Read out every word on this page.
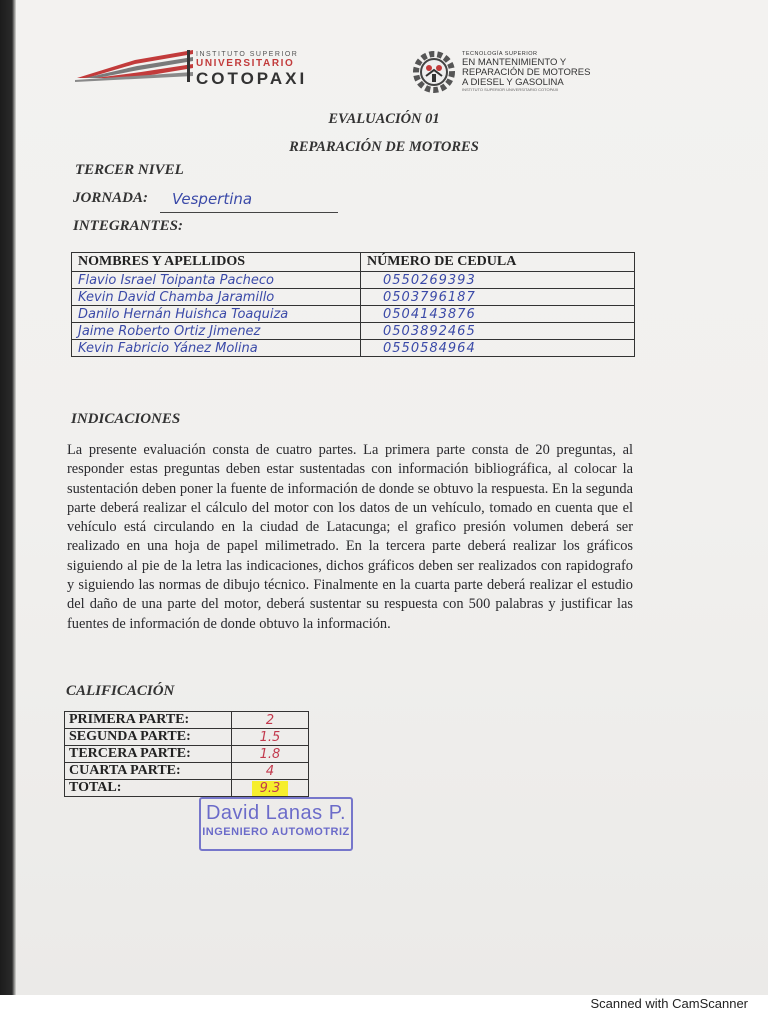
INSTITUTO SUPERIOR
UNIVERSITARIO
COTOPAXI
TECNOLOGÍA SUPERIOR
EN MANTENIMIENTO Y
REPARACIÓN DE MOTORES
A DIESEL Y GASOLINA
INSTITUTO SUPERIOR UNIVERSITARIO COTOPAXI
EVALUACIÓN 01
REPARACIÓN DE MOTORES
TERCER NIVEL
JORNADA: Vespertina
INTEGRANTES:
NOMBRES Y APELLIDOS	NÚMERO DE CEDULA
Flavio Israel Toipanta Pacheco	0550269393
Kevin David Chamba Jaramillo	0503796187
Danilo Hernán Huishca Toaquiza	0504143876
Jaime Roberto Ortiz Jimenez	0503892465
Kevin Fabricio Yánez Molina	0550584964
INDICACIONES
La presente evaluación consta de cuatro partes. La primera parte consta de 20 preguntas, al responder estas preguntas deben estar sustentadas con información bibliográfica, al colocar la sustentación deben poner la fuente de información de donde se obtuvo la respuesta. En la segunda parte deberá realizar el cálculo del motor con los datos de un vehículo, tomado en cuenta que el vehículo está circulando en la ciudad de Latacunga; el grafico presión volumen deberá ser realizado en una hoja de papel milimetrado. En la tercera parte deberá realizar los gráficos siguiendo al pie de la letra las indicaciones, dichos gráficos deben ser realizados con rapidografo y siguiendo las normas de dibujo técnico. Finalmente en la cuarta parte deberá realizar el estudio del daño de una parte del motor, deberá sustentar su respuesta con 500 palabras y justificar las fuentes de información de donde obtuvo la información.
CALIFICACIÓN
PRIMERA PARTE:	2
SEGUNDA PARTE:	1.5
TERCERA PARTE:	1.8
CUARTA PARTE:	4
TOTAL:	9.3
David Lanas P.
INGENIERO AUTOMOTRIZ
Scanned with CamScanner
